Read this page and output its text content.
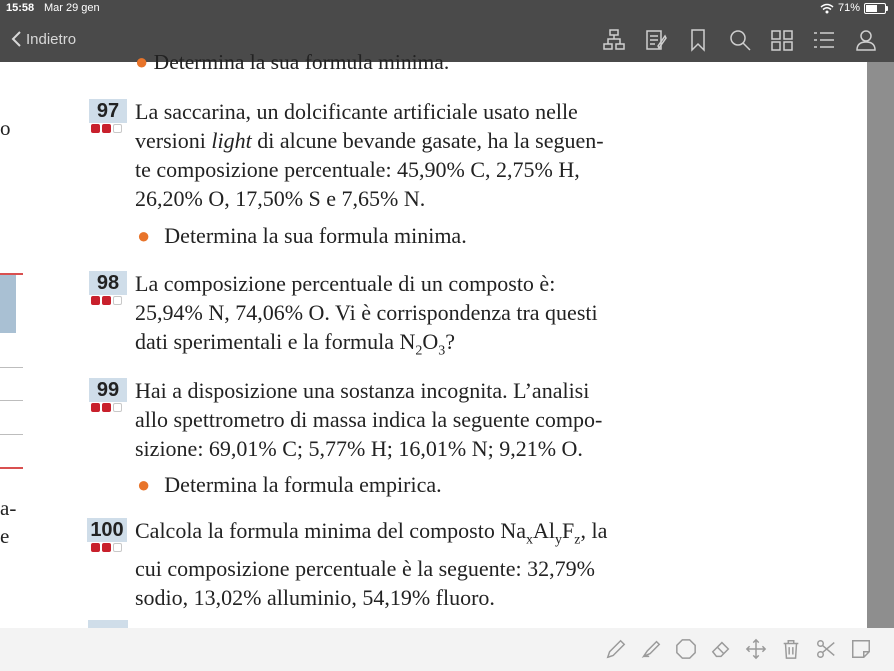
15:58 Mar 29 gen	71%
Indietro
o
a-
e
● Determina la sua formula minima.
97 La saccarina, un dolcificante artificiale usato nelle

versioni light di alcune bevande gasate, ha la seguen-

te composizione percentuale: 45,90% C, 2,75% H,

26,20% O, 17,50% S e 7,65% N.

● Determina la sua formula minima.
98 La composizione percentuale di un composto è:

25,94% N, 74,06% O. Vi è corrispondenza tra questi

dati sperimentali e la formula $N_2O_3$?

99 Hai a disposizione una sostanza incognita. L’analisi

allo spettrometro di massa indica la seguente compo-

sizione: 69,01% C; 5,77% H; 16,01% N; 9,21% O.

● Determina la formula empirica.
100 Calcola la formula minima del composto $Na_xAl_yF_z$, la

cui composizione percentuale è la seguente: 32,79%

sodio, 13,02% alluminio, 54,19% fluoro.
